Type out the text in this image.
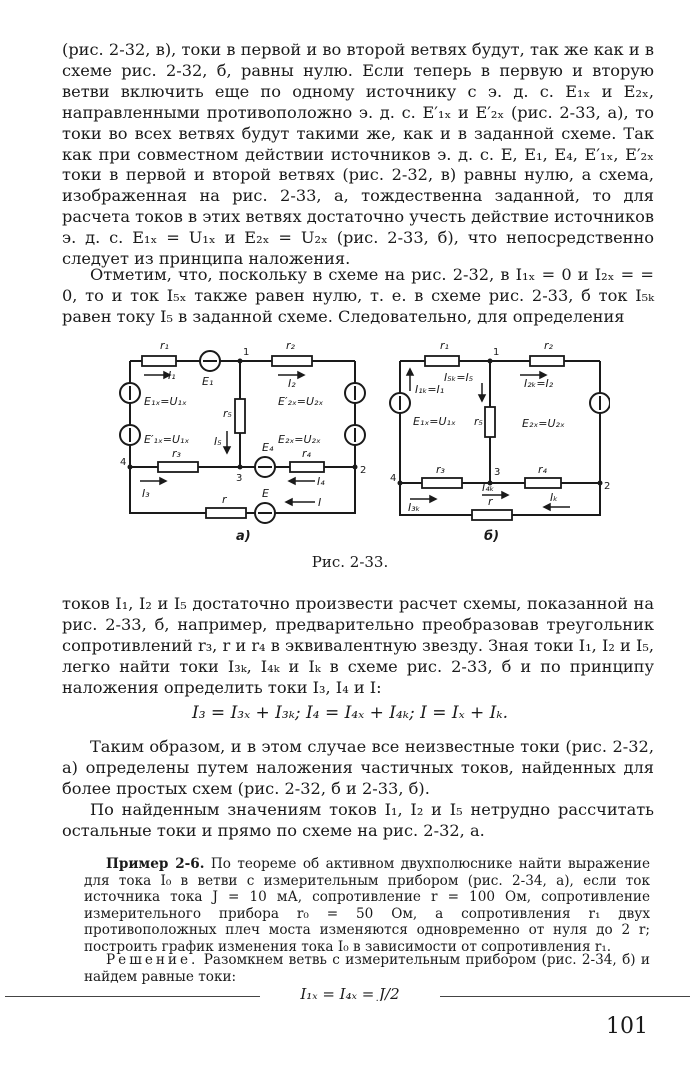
(рис. 2-32, в), токи в первой и во второй ветвях будут, так же как и в схеме рис. 2-32, б, равны нулю. Если теперь в первую и вторую ветви включить еще по одному источнику с э. д. с. E₁ₓ и E₂ₓ, направленными противоположно э. д. с. E′₁ₓ и E′₂ₓ (рис. 2-33, а), то токи во всех ветвях будут такими же, как и в заданной схеме. Так как при совместном действии источников э. д. с. E, E₁, E₄, E′₁ₓ, E′₂ₓ токи в первой и второй ветвях (рис. 2-32, в) равны нулю, а схема, изображенная на рис. 2-33, а, тождественна заданной, то для расчета токов в этих ветвях достаточно учесть действие источников э. д. с. E₁ₓ = U₁ₓ и E₂ₓ = U₂ₓ (рис. 2-33, б), что непосредственно следует из принципа наложения.
Отметим, что, поскольку в схеме на рис. 2-32, в I₁ₓ = 0 и I₂ₓ = = 0, то и ток I₅ₓ также равен нулю, т. е. в схеме рис. 2-33, б ток I₅ₖ равен току I₅ в заданной схеме. Следовательно, для определения
r₁	r₂
r₅
r₃	r₄
r
E₁
E₄
E
I₁
I₂
I₅
I₃
I₄
I
E₁ₓ=U₁ₓ
E′₁ₓ=U₁ₓ
E′₂ₓ=U₂ₓ
E₂ₓ=U₂ₓ
1
2
3
4
r₁	r₂
r₅
r₃	r₄
r
I₁ₖ=I₁
I₅ₖ=I₅	I₂ₖ=I₂
E₁ₓ=U₁ₓ	E₂ₓ=U₂ₓ
I₃ₖ
I₄ₖ
Iₖ
1
2
3
4
а)	б)
Рис. 2-33.
токов I₁, I₂ и I₅ достаточно произвести расчет схемы, показанной на рис. 2-33, б, например, предварительно преобразовав треугольник сопротивлений r₃, r и r₄ в эквивалентную звезду. Зная токи I₁, I₂ и I₅, легко найти токи I₃ₖ, I₄ₖ и Iₖ в схеме рис. 2-33, б и по принципу наложения определить токи I₃, I₄ и I:
I₃ = I₃ₓ + I₃ₖ; I₄ = I₄ₓ + I₄ₖ; I = Iₓ + Iₖ.
Таким образом, и в этом случае все неизвестные токи (рис. 2-32, а) определены путем наложения частичных токов, найденных для более простых схем (рис. 2-32, б и 2-33, б).
По найденным значениям токов I₁, I₂ и I₅ нетрудно рассчитать остальные токи и прямо по схеме на рис. 2-32, а.
Пример 2-6. По теореме об активном двухполюснике найти выражение для тока I₀ в ветви с измерительным прибором (рис. 2-34, а), если ток источника тока J = 10 мА, сопротивление r = 100 Ом, сопротивление измерительного прибора r₀ = 50 Ом, а сопротивления r₁ двух противоположных плеч моста изменяются одновременно от нуля до 2 r; построить график изменения тока I₀ в зависимости от сопротивления r₁.
Решение. Разомкнем ветвь с измерительным прибором (рис. 2-34, б) и найдем равные токи:
I₁ₓ = I₄ₓ = J/2
101
